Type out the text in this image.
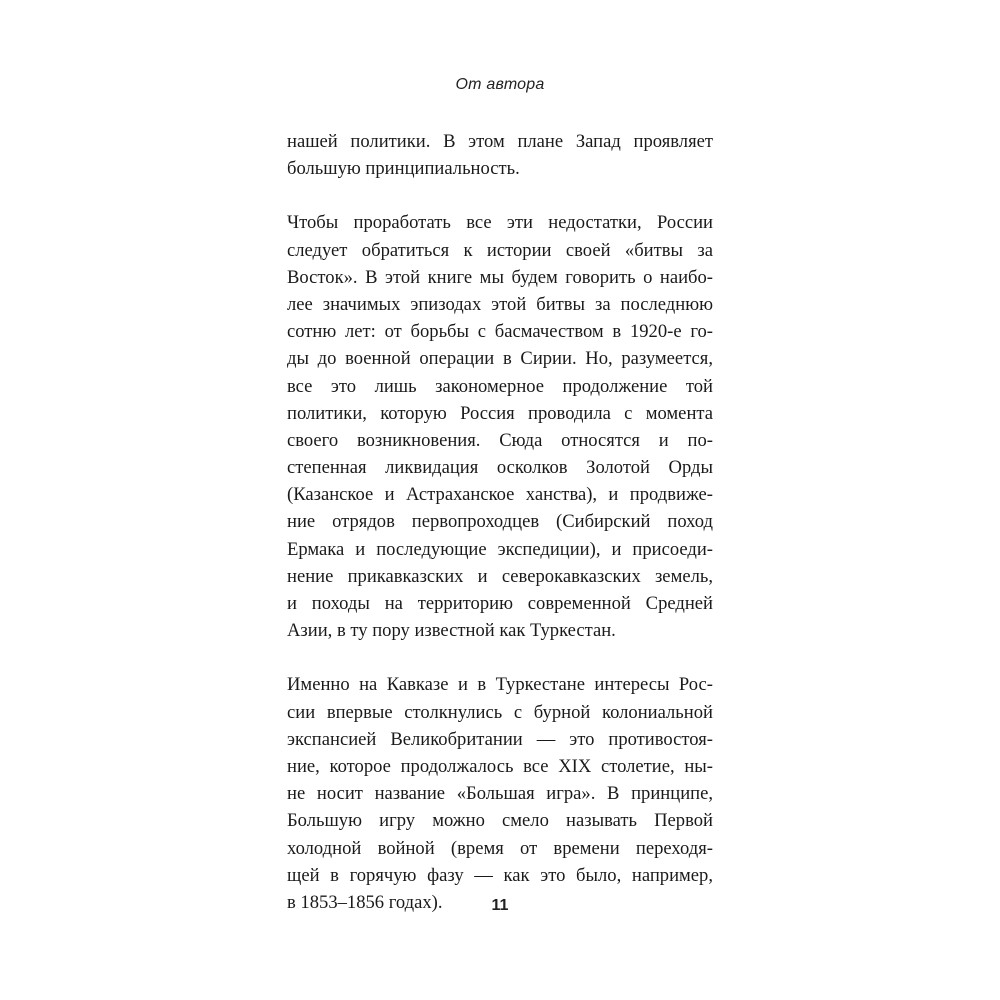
От автора
нашей политики. В этом плане Запад проявляет
большую принципиальность.
Чтобы проработать все эти недостатки, России
следует обратиться к истории своей «битвы за
Восток». В этой книге мы будем говорить о наибо-
лее значимых эпизодах этой битвы за последнюю
сотню лет: от борьбы с басмачеством в 1920-е го-
ды до военной операции в Сирии. Но, разумеется,
все это лишь закономерное продолжение той
политики, которую Россия проводила с момента
своего возникновения. Сюда относятся и по-
степенная ликвидация осколков Золотой Орды
(Казанское и Астраханское ханства), и продвиже-
ние отрядов первопроходцев (Сибирский поход
Ермака и последующие экспедиции), и присоеди-
нение прикавказских и северокавказских земель,
и походы на территорию современной Средней
Азии, в ту пору известной как Туркестан.
Именно на Кавказе и в Туркестане интересы Рос-
сии впервые столкнулись с бурной колониальной
экспансией Великобритании — это противостоя-
ние, которое продолжалось все XIX столетие, ны-
не носит название «Большая игра». В принципе,
Большую игру можно смело называть Первой
холодной войной (время от времени переходя-
щей в горячую фазу — как это было, например,
в 1853–1856 годах).	11
